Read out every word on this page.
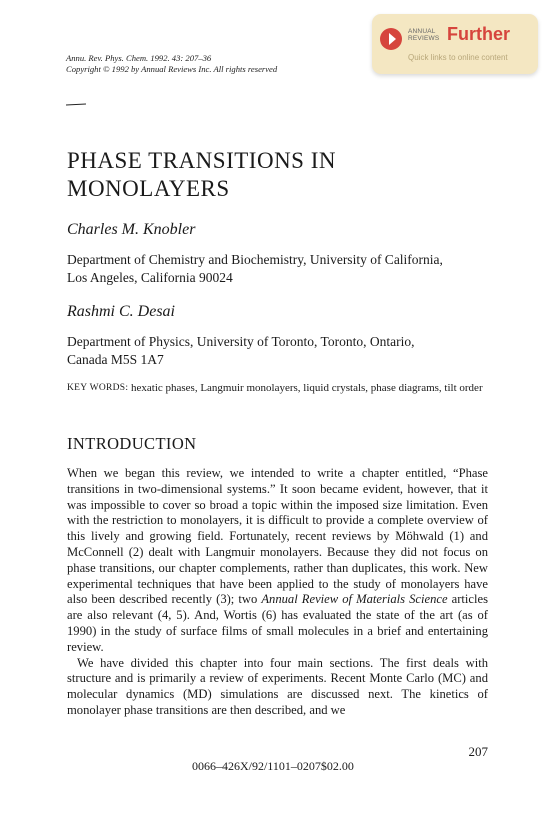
Annu. Rev. Phys. Chem. 1992. 43: 207–36
Copyright © 1992 by Annual Reviews Inc. All rights reserved
ANNUAL
REVIEWS Further
Quick links to online content
PHASE TRANSITIONS IN
MONOLAYERS
Charles M. Knobler
Department of Chemistry and Biochemistry, University of California,
Los Angeles, California 90024
Rashmi C. Desai
Department of Physics, University of Toronto, Toronto, Ontario,
Canada M5S 1A7
KEY WORDS: hexatic phases, Langmuir monolayers, liquid crystals, phase diagrams, tilt order
INTRODUCTION

When we began this review, we intended to write a chapter entitled, “Phase transitions in two-dimensional systems.” It soon became evident, however, that it was impossible to cover so broad a topic within the imposed size limitation. Even with the restriction to monolayers, it is difficult to provide a complete overview of this lively and growing field. Fortunately, recent reviews by Möhwald (1) and McConnell (2) dealt with Langmuir monolayers. Because they did not focus on phase transitions, our chapter complements, rather than duplicates, this work. New experimental techniques that have been applied to the study of monolayers have also been described recently (3); two Annual Review of Materials Science articles are also relevant (4, 5). And, Wortis (6) has evaluated the state of the art (as of 1990) in the study of surface films of small molecules in a brief and entertaining review.

We have divided this chapter into four main sections. The first deals with structure and is primarily a review of experiments. Recent Monte Carlo (MC) and molecular dynamics (MD) simulations are discussed next. The kinetics of monolayer phase transitions are then described, and we

207
0066–426X/92/1101–0207$02.00
